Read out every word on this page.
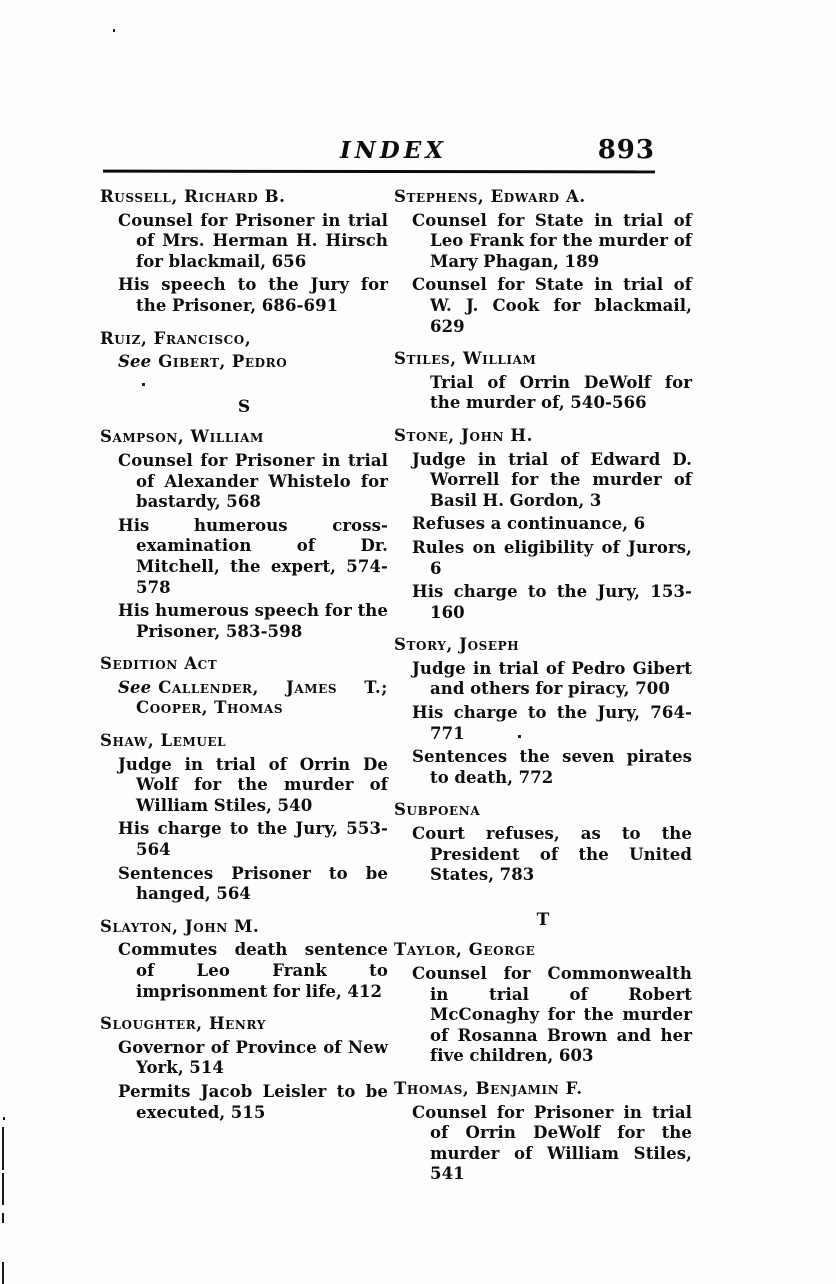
INDEX	893
Russell, Richard B.

Counsel for Prisoner in trial of Mrs. Herman H. Hirsch for blackmail, 656

His speech to the Jury for the Prisoner, 686-691

Ruiz, Francisco,

See Gibert, Pedro

S
Sampson, William

Counsel for Prisoner in trial of Alexander Whistelo for bastardy, 568

His humerous cross-examination of Dr. Mitchell, the expert, 574-578

His humerous speech for the Prisoner, 583-598

Sedition Act

See Callender, James T.; Cooper, Thomas

Shaw, Lemuel

Judge in trial of Orrin De Wolf for the murder of William Stiles, 540

His charge to the Jury, 553-564

Sentences Prisoner to be hanged, 564

Slayton, John M.

Commutes death sentence of Leo Frank to imprisonment for life, 412

Sloughter, Henry

Governor of Province of New York, 514

Permits Jacob Leisler to be executed, 515

Stephens, Edward A.

Counsel for State in trial of Leo Frank for the murder of Mary Phagan, 189

Counsel for State in trial of W. J. Cook for blackmail, 629

Stiles, William

Trial of Orrin DeWolf for the murder of, 540-566

Stone, John H.

Judge in trial of Edward D. Worrell for the murder of Basil H. Gordon, 3

Refuses a continuance, 6

Rules on eligibility of Jurors, 6

His charge to the Jury, 153-160

Story, Joseph

Judge in trial of Pedro Gibert and others for piracy, 700

His charge to the Jury, 764-771

Sentences the seven pirates to death, 772

Subpoena

Court refuses, as to the President of the United States, 783

T
Taylor, George

Counsel for Commonwealth in trial of Robert McConaghy for the murder of Rosanna Brown and her five children, 603

Thomas, Benjamin F.

Counsel for Prisoner in trial of Orrin DeWolf for the murder of William Stiles, 541
